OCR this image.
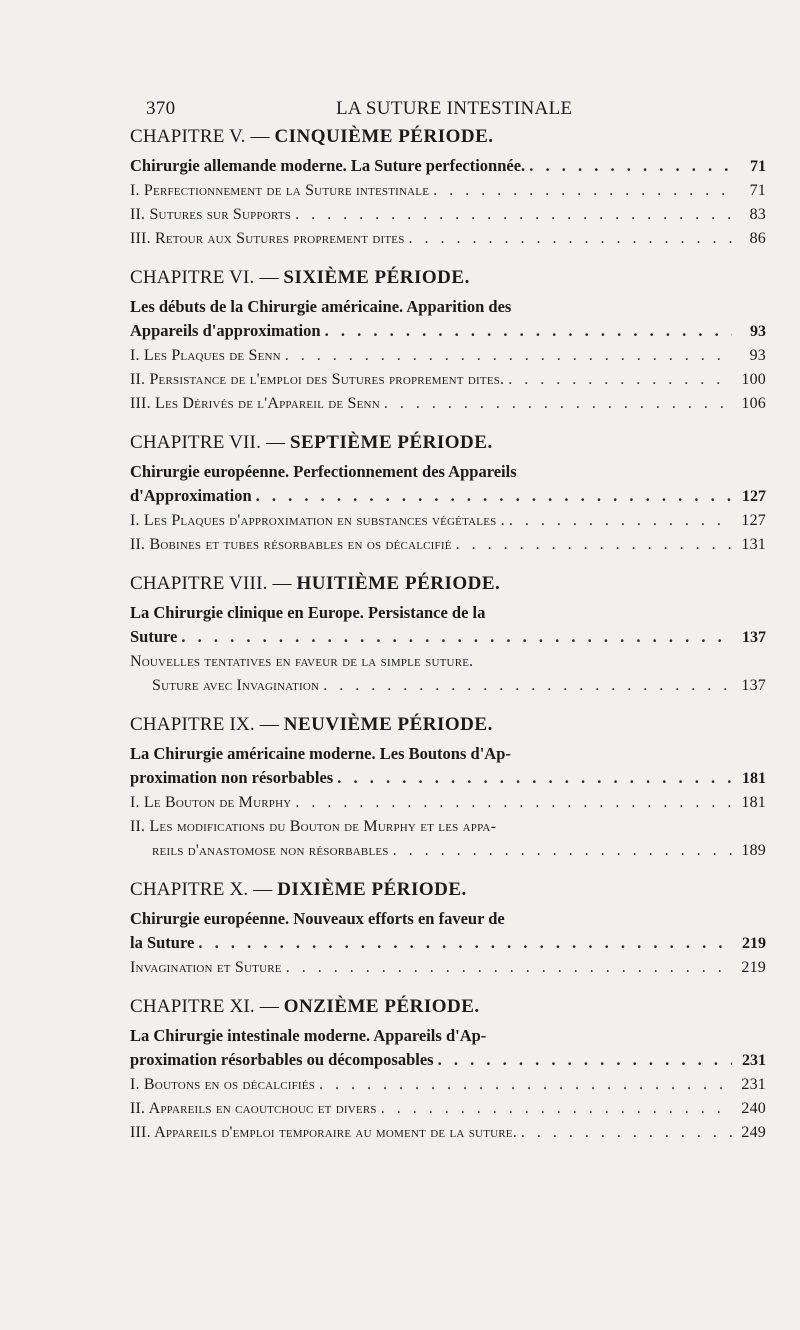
370	LA SUTURE INTESTINALE
CHAPITRE V. — CINQUIÈME PÉRIODE.
Chirurgie allemande moderne. La Suture perfectionnée. . . .	71
I. Perfectionnement de la Suture intestinale . . .	71
II. Sutures sur Supports . . .	83
III. Retour aux Sutures proprement dites . . .	86
CHAPITRE VI. — SIXIÈME PÉRIODE.
Les débuts de la Chirurgie américaine. Apparition des
Appareils d'approximation . . .	93
I. Les Plaques de Senn . . .	93
II. Persistance de l'emploi des Sutures proprement dites. . . .	100
III. Les Dérivés de l'Appareil de Senn . . .	106
CHAPITRE VII. — SEPTIÈME PÉRIODE.
Chirurgie européenne. Perfectionnement des Appareils
d'Approximation . . .	127
I. Les Plaques d'approximation en substances végétales . . . .	127
II. Bobines et tubes résorbables en os décalcifié . . .	131
CHAPITRE VIII. — HUITIÈME PÉRIODE.
La Chirurgie clinique en Europe. Persistance de la
Suture . . .	137
Nouvelles tentatives en faveur de la simple suture.
Suture avec Invagination . . .	137
CHAPITRE IX. — NEUVIÈME PÉRIODE.
La Chirurgie américaine moderne. Les Boutons d'Ap-
proximation non résorbables . . .	181
I. Le Bouton de Murphy . . .	181
II. Les modifications du Bouton de Murphy et les appa-
reils d'anastomose non résorbables . . .	189
CHAPITRE X. — DIXIÈME PÉRIODE.
Chirurgie européenne. Nouveaux efforts en faveur de
la Suture . . .	219
Invagination et Suture . . .	219
CHAPITRE XI. — ONZIÈME PÉRIODE.
La Chirurgie intestinale moderne. Appareils d'Ap-
proximation résorbables ou décomposables . . .	231
I. Boutons en os décalcifiés . . .	231
II. Appareils en caoutchouc et divers . . .	240
III. Appareils d'emploi temporaire au moment de la suture. . . .	249
